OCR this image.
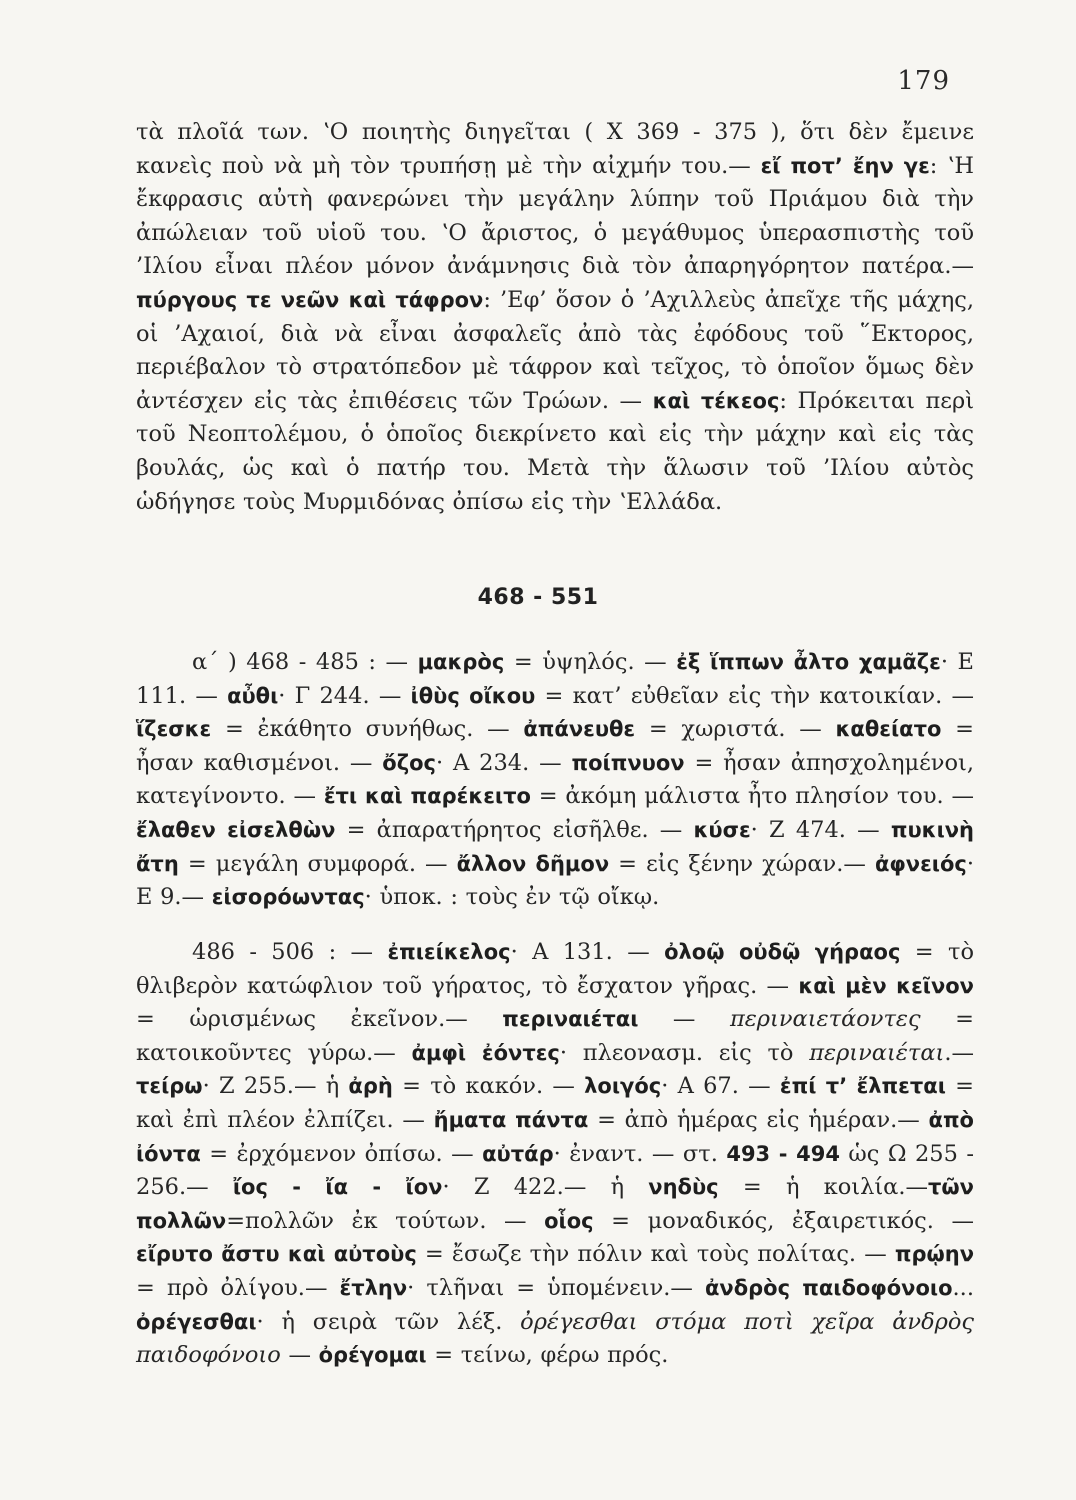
179

τὰ πλοῖά των. ʽΟ ποιητὴς διηγεῖται ( X 369 - 375 ), ὅτι δὲν ἔμεινε κανεὶς ποὺ νὰ μὴ τὸν τρυπήσῃ μὲ τὴν αἰχμήν του.— εἴ ποτ’ ἔην γε: ʽΗ ἔκφρασις αὐτὴ φανερώνει τὴν μεγάλην λύπην τοῦ Πριάμου διὰ τὴν ἀπώλειαν τοῦ υἱοῦ του. ʽΟ ἄριστος, ὁ μεγάθυμος ὑπερασπιστὴς τοῦ ’Ιλίου εἶναι πλέον μόνον ἀνάμνησις διὰ τὸν ἀπαρηγόρητον πατέρα.— πύργους τε νεῶν καὶ τάφρον: ’Εφ’ ὅσον ὁ ’Αχιλλεὺς ἀπεῖχε τῆς μάχης, οἱ ’Αχαιοί, διὰ νὰ εἶναι ἀσφαλεῖς ἀπὸ τὰς ἐφόδους τοῦ ῞Εκτορος, περιέβαλον τὸ στρατόπεδον μὲ τάφρον καὶ τεῖχος, τὸ ὁποῖον ὅμως δὲν ἀντέσχεν εἰς τὰς ἐπιθέσεις τῶν Τρώων. — καὶ τέκεος: Πρόκειται περὶ τοῦ Νεοπτολέμου, ὁ ὁποῖος διεκρίνετο καὶ εἰς τὴν μάχην καὶ εἰς τὰς βουλάς, ὡς καὶ ὁ πατήρ του. Μετὰ τὴν ἅλωσιν τοῦ ’Ιλίου αὐτὸς ὡδήγησε τοὺς Μυρμιδόνας ὀπίσω εἰς τὴν ʽΕλλάδα.

468 - 551

α΄ ) 468 - 485 : — μακρὸς = ὑψηλός. — ἐξ ἵππων ἆλτο χαμᾶζε· E 111. — αὖθι· Γ 244. — ἰθὺς οἴκου = κατ’ εὐθεῖαν εἰς τὴν κατοικίαν. — ἵζεσκε = ἐκάθητο συνήθως. — ἀπάνευθε = χωριστά. — καθείατο = ἦσαν καθισμένοι. — ὄζος· A 234. — ποίπνυον = ἦσαν ἀπησχολημένοι, κατεγίνοντο. — ἔτι καὶ παρέκειτο = ἀκόμη μάλιστα ἦτο πλησίον του. — ἔλαθεν εἰσελθὼν = ἀπαρατήρητος εἰσῆλθε. — κύσε· Z 474. — πυκινὴ ἄτη = μεγάλη συμφορά. — ἄλλον δῆμον = εἰς ξένην χώραν.— ἀφνειός· E 9.— εἰσορόωντας· ὑποκ. : τοὺς ἐν τῷ οἴκῳ.

486 - 506 : — ἐπιείκελος· A 131. — ὀλοῷ οὐδῷ γήραος = τὸ θλιβερὸν κατώφλιον τοῦ γήρατος, τὸ ἔσχατον γῆρας. — καὶ μὲν κεῖνον = ὡρισμένως ἐκεῖνον.— περιναιέται — περιναιετάοντες = κατοικοῦντες γύρω.— ἀμφὶ ἐόντες· πλεονασμ. εἰς τὸ περιναιέται.— τείρω· Z 255.— ἡ ἀρὴ = τὸ κακόν. — λοιγός· A 67. — ἐπί τ’ ἔλπεται = καὶ ἐπὶ πλέον ἐλπίζει. — ἤματα πάντα = ἀπὸ ἡμέρας εἰς ἡμέραν.— ἀπὸ ἰόντα = ἐρχόμενον ὀπίσω. — αὐτάρ· ἐναντ. — στ. 493 - 494 ὡς Ω 255 - 256.— ἴος - ἴα - ἴον· Z 422.— ἡ νηδὺς = ἡ κοιλία.—τῶν πολλῶν=πολλῶν ἐκ τούτων. — οἷος = μοναδικός, ἐξαιρετικός. — εἴρυτο ἄστυ καὶ αὐτοὺς = ἔσωζε τὴν πόλιν καὶ τοὺς πολίτας. — πρῴην = πρὸ ὀλίγου.— ἔτλην· τλῆναι = ὑπομένειν.— ἀνδρὸς παιδοφόνοιο... ὀρέγεσθαι· ἡ σειρὰ τῶν λέξ. ὀρέγεσθαι στόμα ποτὶ χεῖρα ἀνδρὸς παιδοφόνοιο — ὀρέγομαι = τείνω, φέρω πρός.
